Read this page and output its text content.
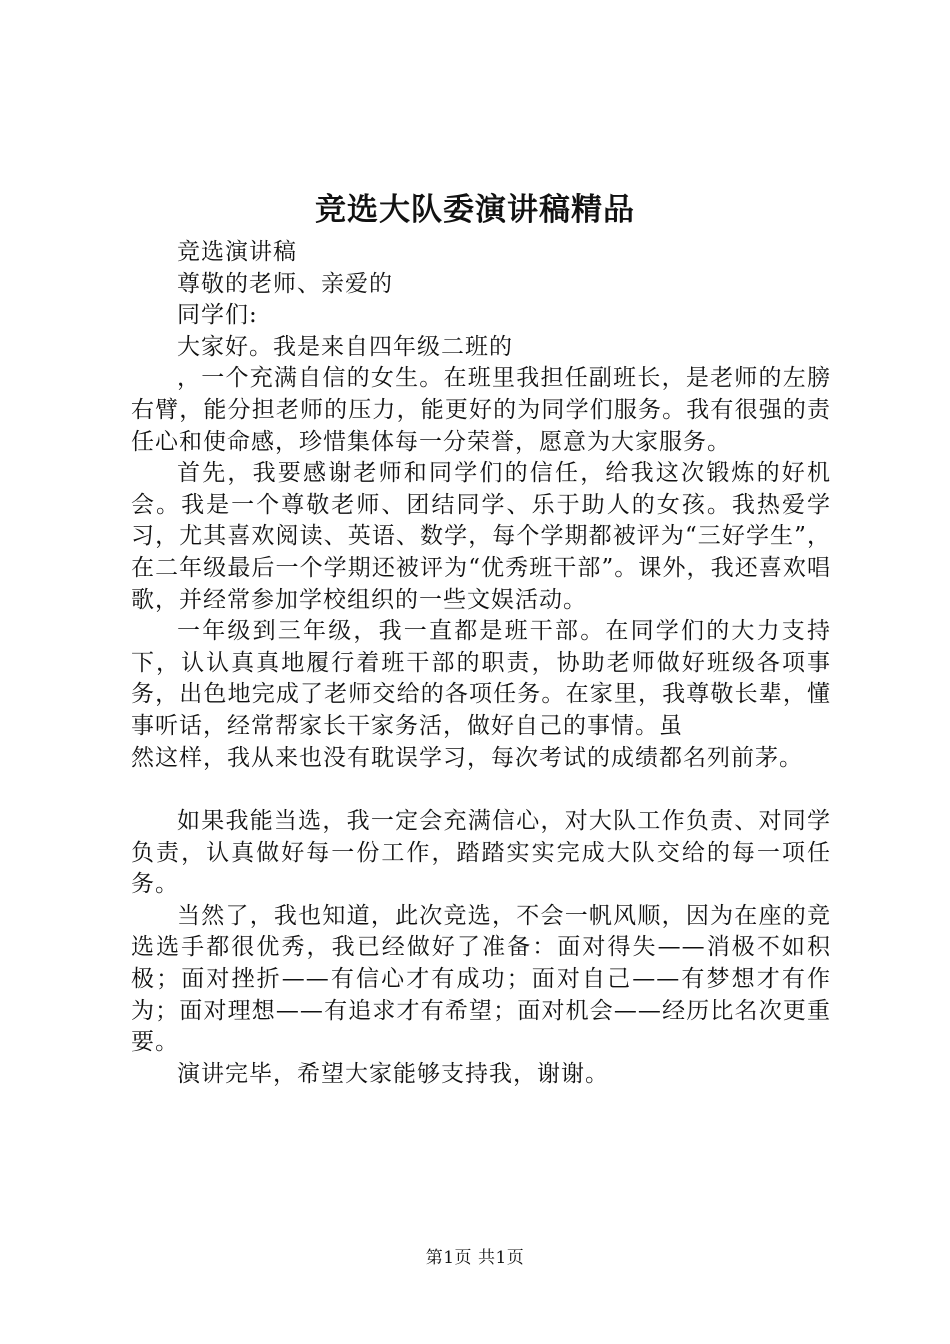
竞选大队委演讲稿精品

竞选演讲稿

尊敬的老师、亲爱的

同学们:

大家好。我是来自四年级二班的

，一个充满自信的女生。在班里我担任副班长，是老师的左膀右臂，能分担老师的压力，能更好的为同学们服务。我有很强的责任心和使命感，珍惜集体每一分荣誉，愿意为大家服务。

首先，我要感谢老师和同学们的信任，给我这次锻炼的好机会。我是一个尊敬老师、团结同学、乐于助人的女孩。我热爱学习，尤其喜欢阅读、英语、数学，每个学期都被评为“三好学生”，在二年级最后一个学期还被评为“优秀班干部”。课外，我还喜欢唱歌，并经常参加学校组织的一些文娱活动。

一年级到三年级，我一直都是班干部。在同学们的大力支持下，认认真真地履行着班干部的职责，协助老师做好班级各项事务，出色地完成了老师交给的各项任务。在家里，我尊敬长辈，懂事听话，经常帮家长干家务活，做好自己的事情。虽

然这样，我从来也没有耽误学习，每次考试的成绩都名列前茅。

如果我能当选，我一定会充满信心，对大队工作负责、对同学负责，认真做好每一份工作，踏踏实实完成大队交给的每一项任务。

当然了，我也知道，此次竞选，不会一帆风顺，因为在座的竞选选手都很优秀，我已经做好了准备：面对得失——消极不如积极；面对挫折——有信心才有成功；面对自己——有梦想才有作为；面对理想——有追求才有希望；面对机会——经历比名次更重要。

演讲完毕，希望大家能够支持我，谢谢。

第1页 共1页
